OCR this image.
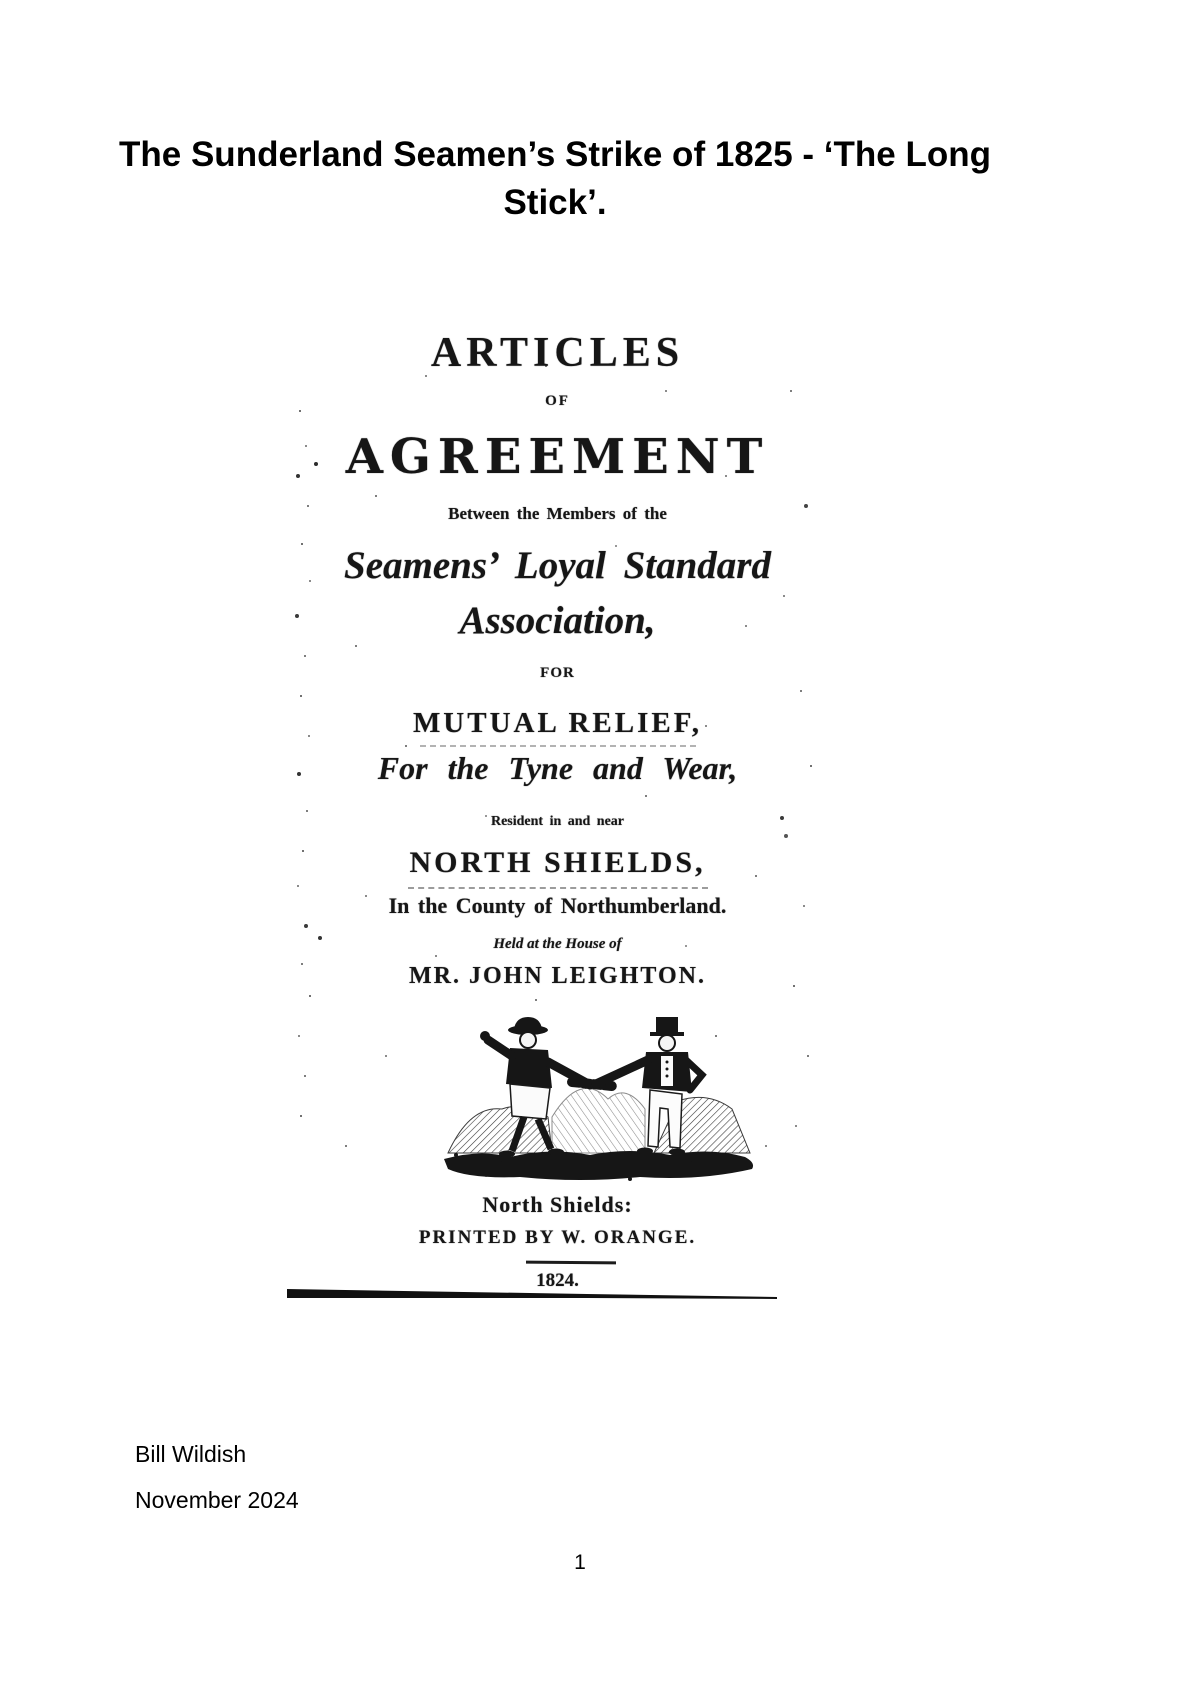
The Sunderland Seamen’s Strike of 1825 - ‘The Long
Stick’.
ARTICLES
OF
AGREEMENT
Between the Members of the
Seamens’ Loyal Standard
Association,
FOR
MUTUAL RELIEF,
For the Tyne and Wear,
Resident in and near
NORTH SHIELDS,
In the County of Northumberland.
Held at the House of
MR. JOHN LEIGHTON.
North Shields:
PRINTED BY W. ORANGE.
1824.
Bill Wildish
November 2024
1
